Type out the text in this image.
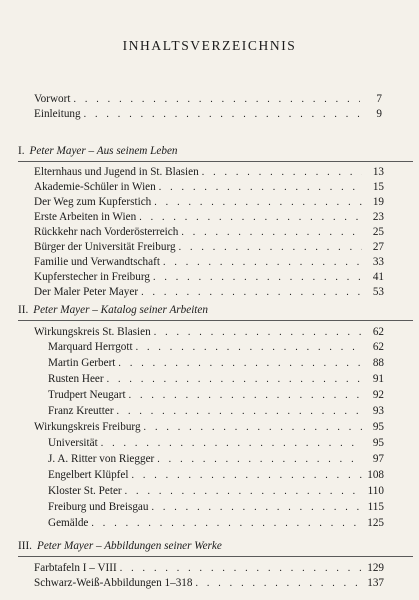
INHALTSVERZEICHNIS
Vorwort . . .	7
Einleitung . . .	9
I. Peter Mayer – Aus seinem Leben
Elternhaus und Jugend in St. Blasien . . .	13
Akademie-Schüler in Wien . . .	15
Der Weg zum Kupferstich . . .	19
Erste Arbeiten in Wien . . .	23
Rückkehr nach Vorderösterreich . . .	25
Bürger der Universität Freiburg . . .	27
Familie und Verwandtschaft . . .	33
Kupferstecher in Freiburg . . .	41
Der Maler Peter Mayer . . .	53
II. Peter Mayer – Katalog seiner Arbeiten
Wirkungskreis St. Blasien . . .	62
Marquard Herrgott . . .	62
Martin Gerbert . . .	88
Rusten Heer . . .	91
Trudpert Neugart . . .	92
Franz Kreutter . . .	93
Wirkungskreis Freiburg . . .	95
Universität . . .	95
J. A. Ritter von Riegger . . .	97
Engelbert Klüpfel . . .	108
Kloster St. Peter . . .	110
Freiburg und Breisgau . . .	115
Gemälde . . .	125
III. Peter Mayer – Abbildungen seiner Werke
Farbtafeln I – VIII . . .	129
Schwarz-Weiß-Abbildungen 1–318 . . .	137
